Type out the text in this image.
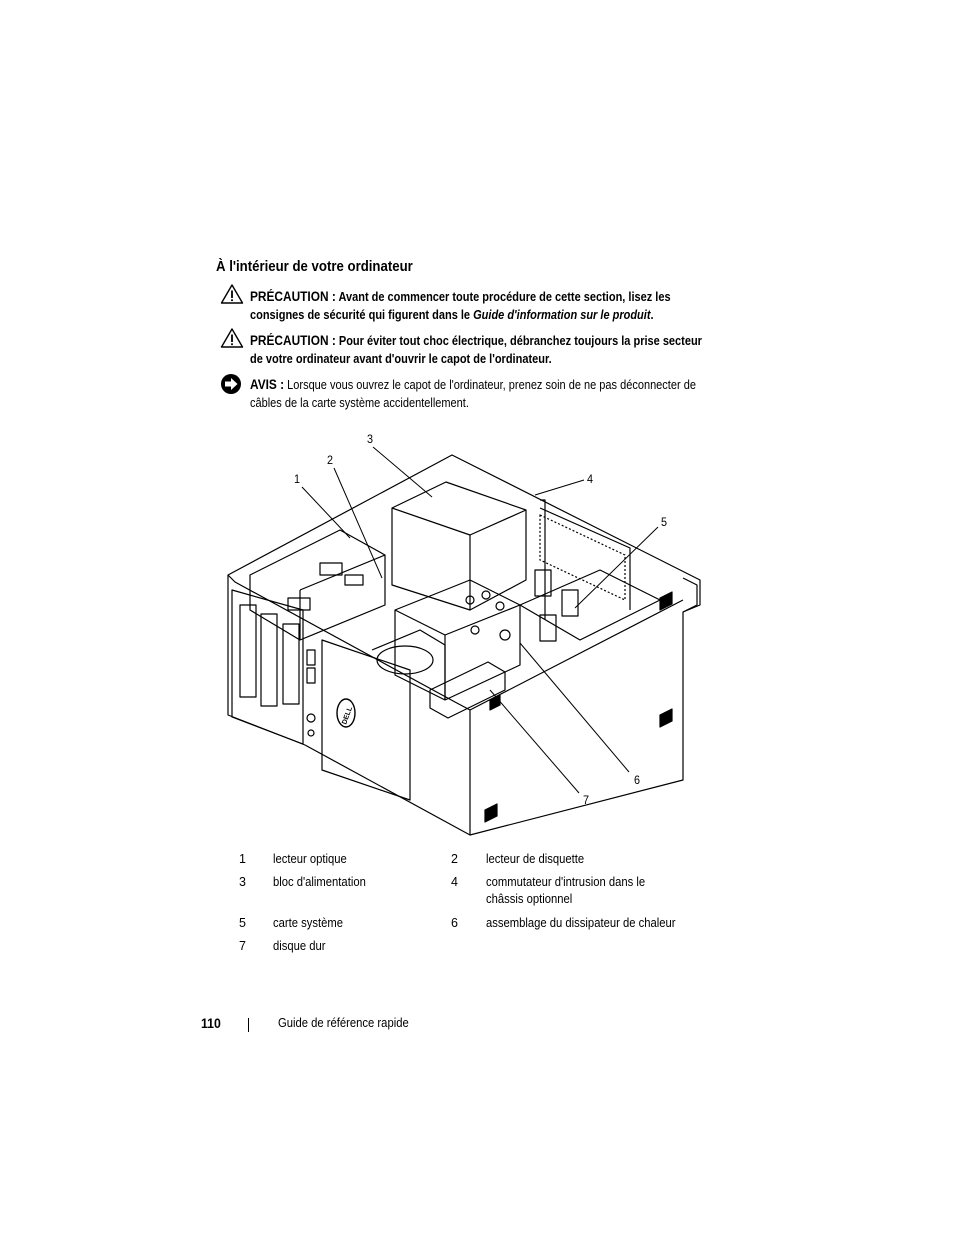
À l'intérieur de votre ordinateur
PRÉCAUTION : Avant de commencer toute procédure de cette section, lisez les consignes de sécurité qui figurent dans le Guide d'information sur le produit.
PRÉCAUTION : Pour éviter tout choc électrique, débranchez toujours la prise secteur de votre ordinateur avant d'ouvrir le capot de l'ordinateur.
AVIS : Lorsque vous ouvrez le capot de l'ordinateur, prenez soin de ne pas déconnecter de câbles de la carte système accidentellement.
DELL
1
2
3
4
5
6
7
1 lecteur optique	2 lecteur de disquette
3 bloc d'alimentation	4 commutateur d'intrusion dans le châssis optionnel
5 carte système	6 assemblage du dissipateur de chaleur
7 disque dur
110	Guide de référence rapide
